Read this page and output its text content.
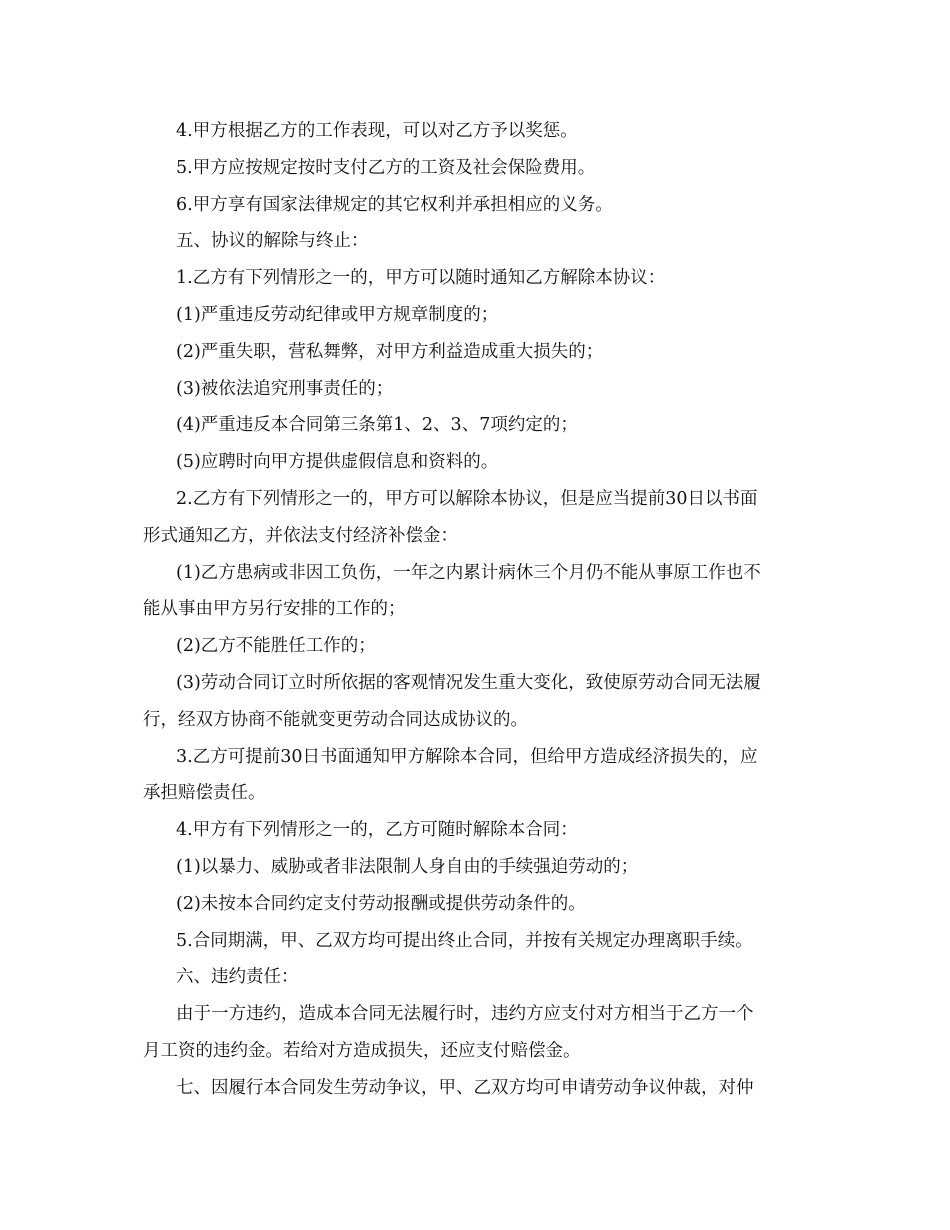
4.甲方根据乙方的工作表现，可以对乙方予以奖惩。

5.甲方应按规定按时支付乙方的工资及社会保险费用。

6.甲方享有国家法律规定的其它权利并承担相应的义务。

五、协议的解除与终止：

1.乙方有下列情形之一的，甲方可以随时通知乙方解除本协议：

(1)严重违反劳动纪律或甲方规章制度的；

(2)严重失职，营私舞弊，对甲方利益造成重大损失的；

(3)被依法追究刑事责任的；

(4)严重违反本合同第三条第1、2、3、7项约定的；

(5)应聘时向甲方提供虚假信息和资料的。

2.乙方有下列情形之一的，甲方可以解除本协议，但是应当提前30日以书面

形式通知乙方，并依法支付经济补偿金：

(1)乙方患病或非因工负伤，一年之内累计病休三个月仍不能从事原工作也不

能从事由甲方另行安排的工作的；

(2)乙方不能胜任工作的；

(3)劳动合同订立时所依据的客观情况发生重大变化，致使原劳动合同无法履

行，经双方协商不能就变更劳动合同达成协议的。

3.乙方可提前30日书面通知甲方解除本合同，但给甲方造成经济损失的，应

承担赔偿责任。

4.甲方有下列情形之一的，乙方可随时解除本合同：

(1)以暴力、威胁或者非法限制人身自由的手续强迫劳动的；

(2)未按本合同约定支付劳动报酬或提供劳动条件的。

5.合同期满，甲、乙双方均可提出终止合同，并按有关规定办理离职手续。

六、违约责任：

由于一方违约，造成本合同无法履行时，违约方应支付对方相当于乙方一个

月工资的违约金。若给对方造成损失，还应支付赔偿金。

七、因履行本合同发生劳动争议，甲、乙双方均可申请劳动争议仲裁，对仲
